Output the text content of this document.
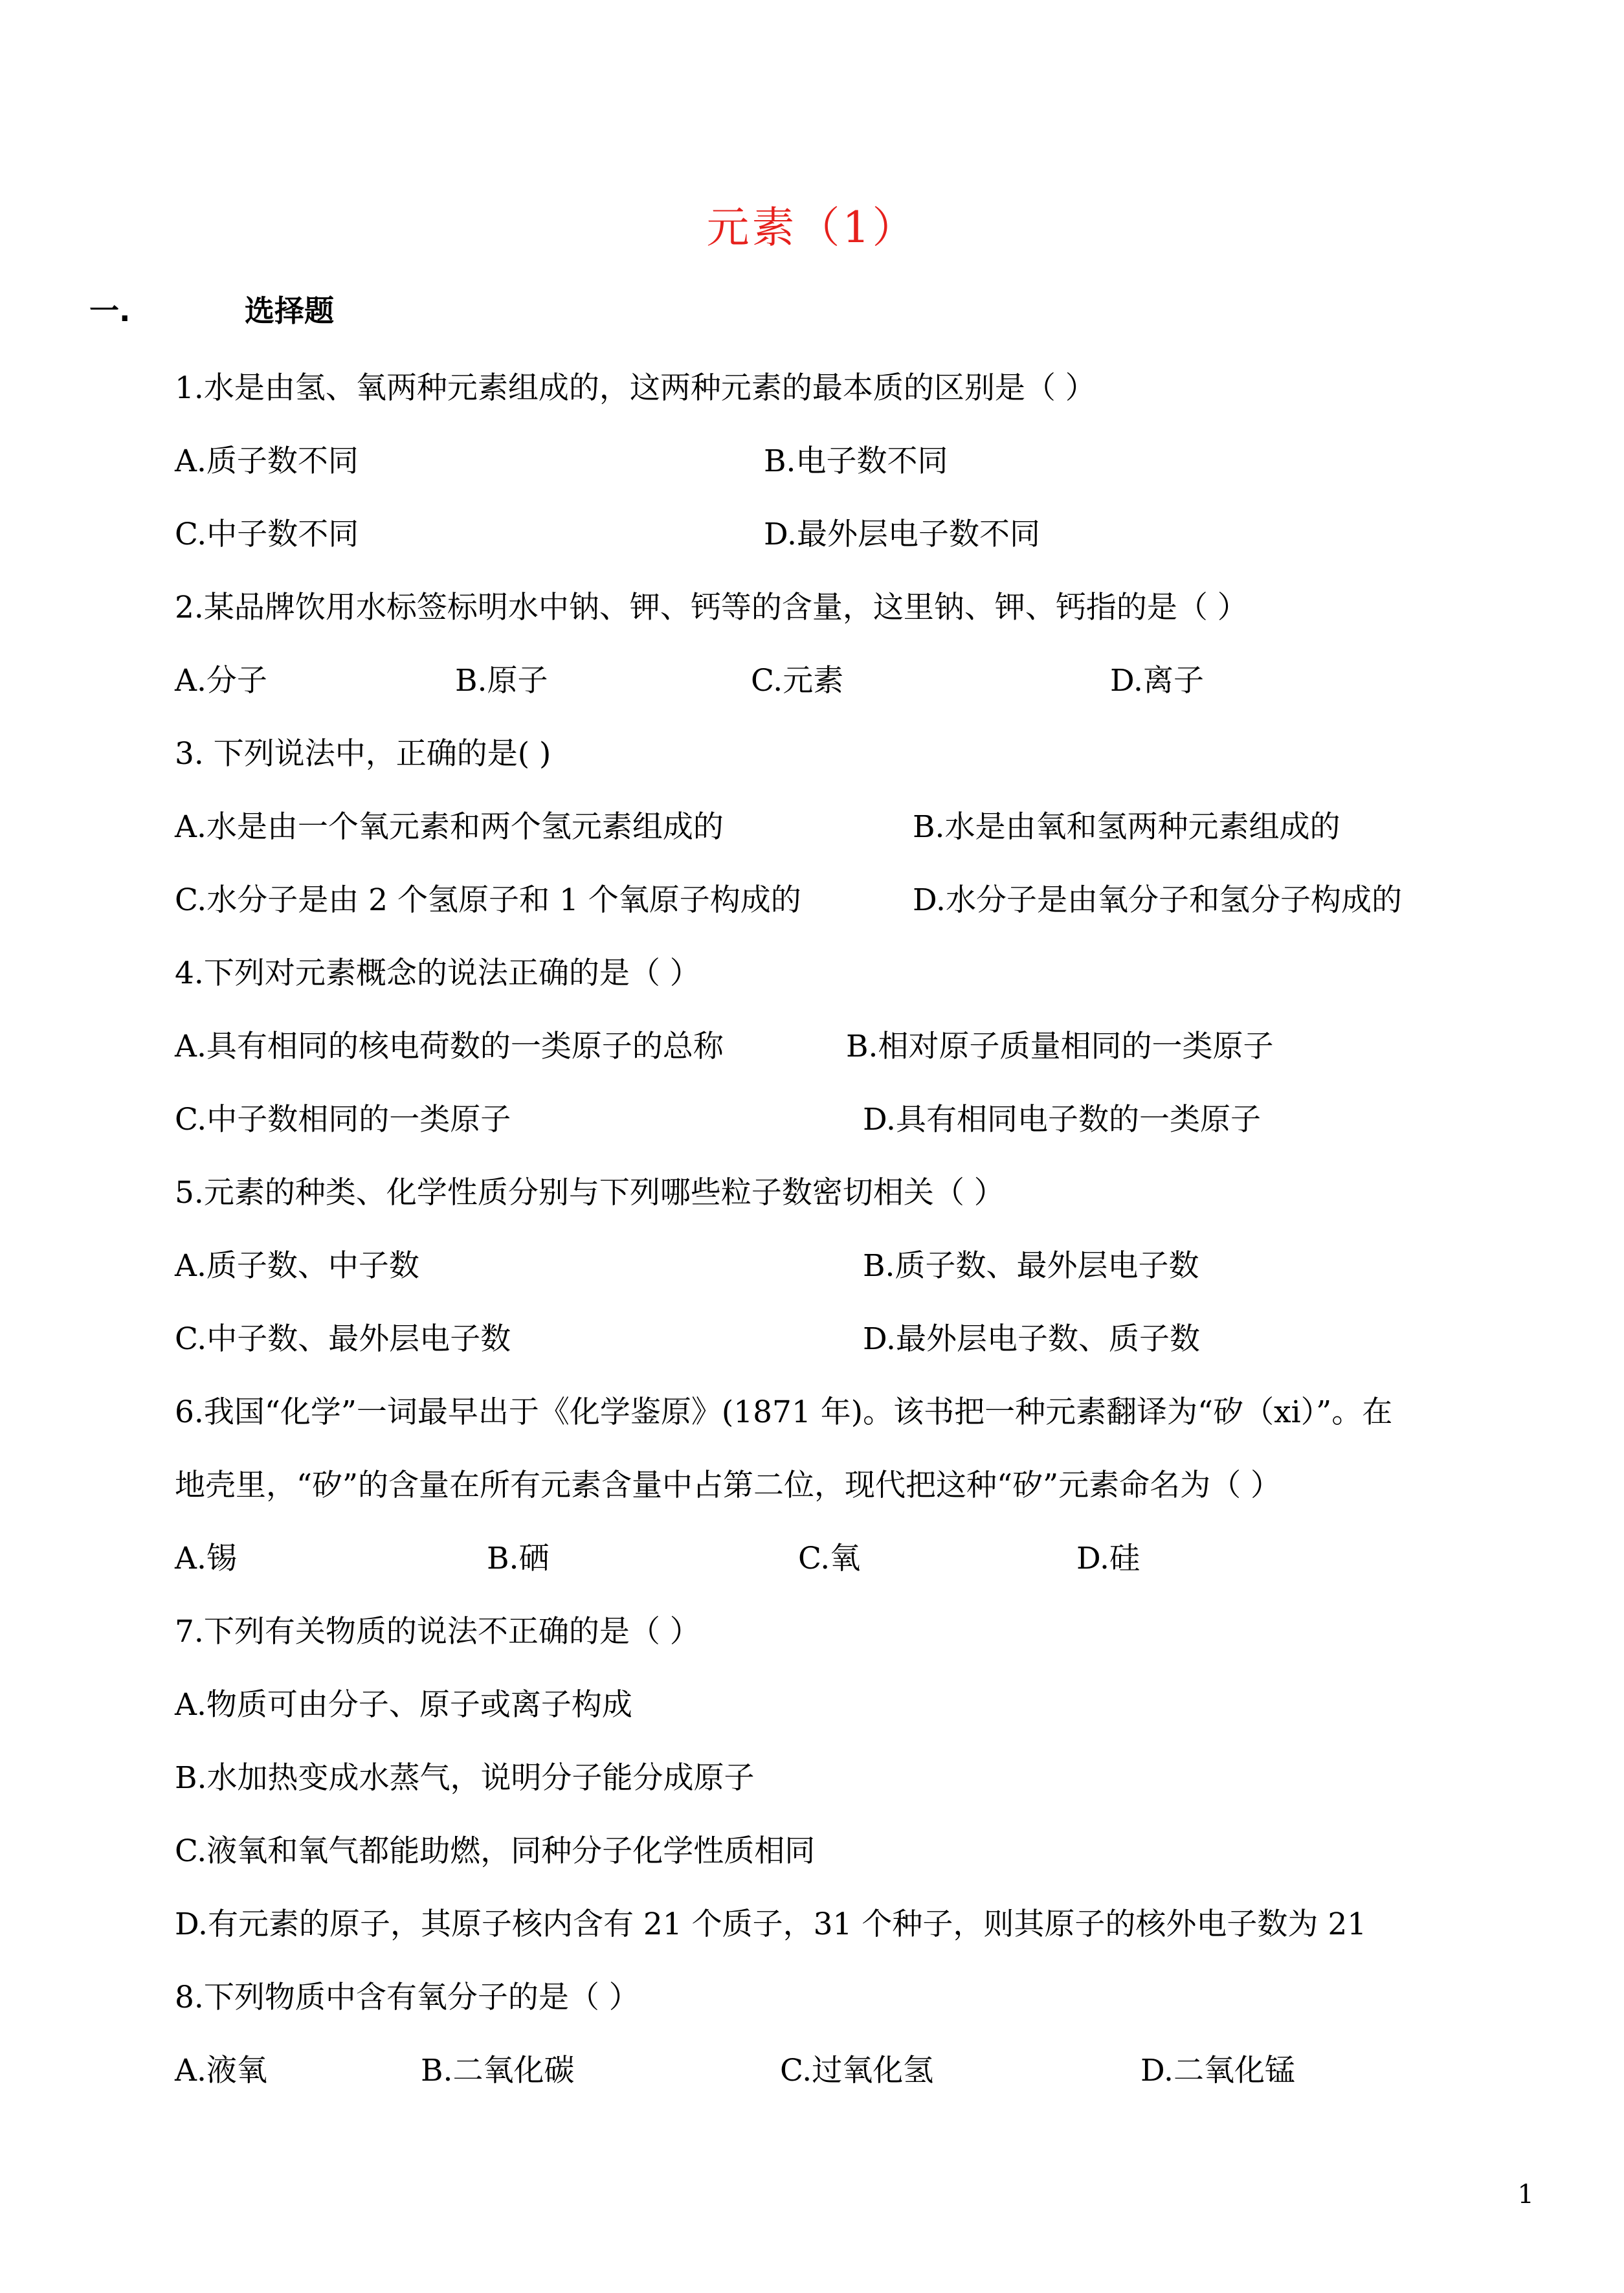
元素（1）
一.	选择题
1.水是由氢、氧两种元素组成的，这两种元素的最本质的区别是（ ）
A.质子数不同	B.电子数不同
C.中子数不同	D.最外层电子数不同
2.某品牌饮用水标签标明水中钠、钾、钙等的含量，这里钠、钾、钙指的是（ ）
A.分子	B.原子	C.元素	D.离子
3. 下列说法中，正确的是( )
A.水是由一个氧元素和两个氢元素组成的	B.水是由氧和氢两种元素组成的
C.水分子是由 2 个氢原子和 1 个氧原子构成的	D.水分子是由氧分子和氢分子构成的
4.下列对元素概念的说法正确的是（ ）
A.具有相同的核电荷数的一类原子的总称	B.相对原子质量相同的一类原子
C.中子数相同的一类原子	D.具有相同电子数的一类原子
5.元素的种类、化学性质分别与下列哪些粒子数密切相关（ ）
A.质子数、中子数	B.质子数、最外层电子数
C.中子数、最外层电子数	D.最外层电子数、质子数
6.我国“化学”一词最早出于《化学鉴原》(1871 年)。该书把一种元素翻译为“矽（xi）”。在
地壳里，“矽”的含量在所有元素含量中占第二位，现代把这种“矽”元素命名为（ ）
A.锡	B.硒	C.氧	D.硅
7.下列有关物质的说法不正确的是（ ）
A.物质可由分子、原子或离子构成
B.水加热变成水蒸气，说明分子能分成原子
C.液氧和氧气都能助燃，同种分子化学性质相同
D.有元素的原子，其原子核内含有 21 个质子，31 个种子，则其原子的核外电子数为 21
8.下列物质中含有氧分子的是（ ）
A.液氧	B.二氧化碳	C.过氧化氢	D.二氧化锰
1
